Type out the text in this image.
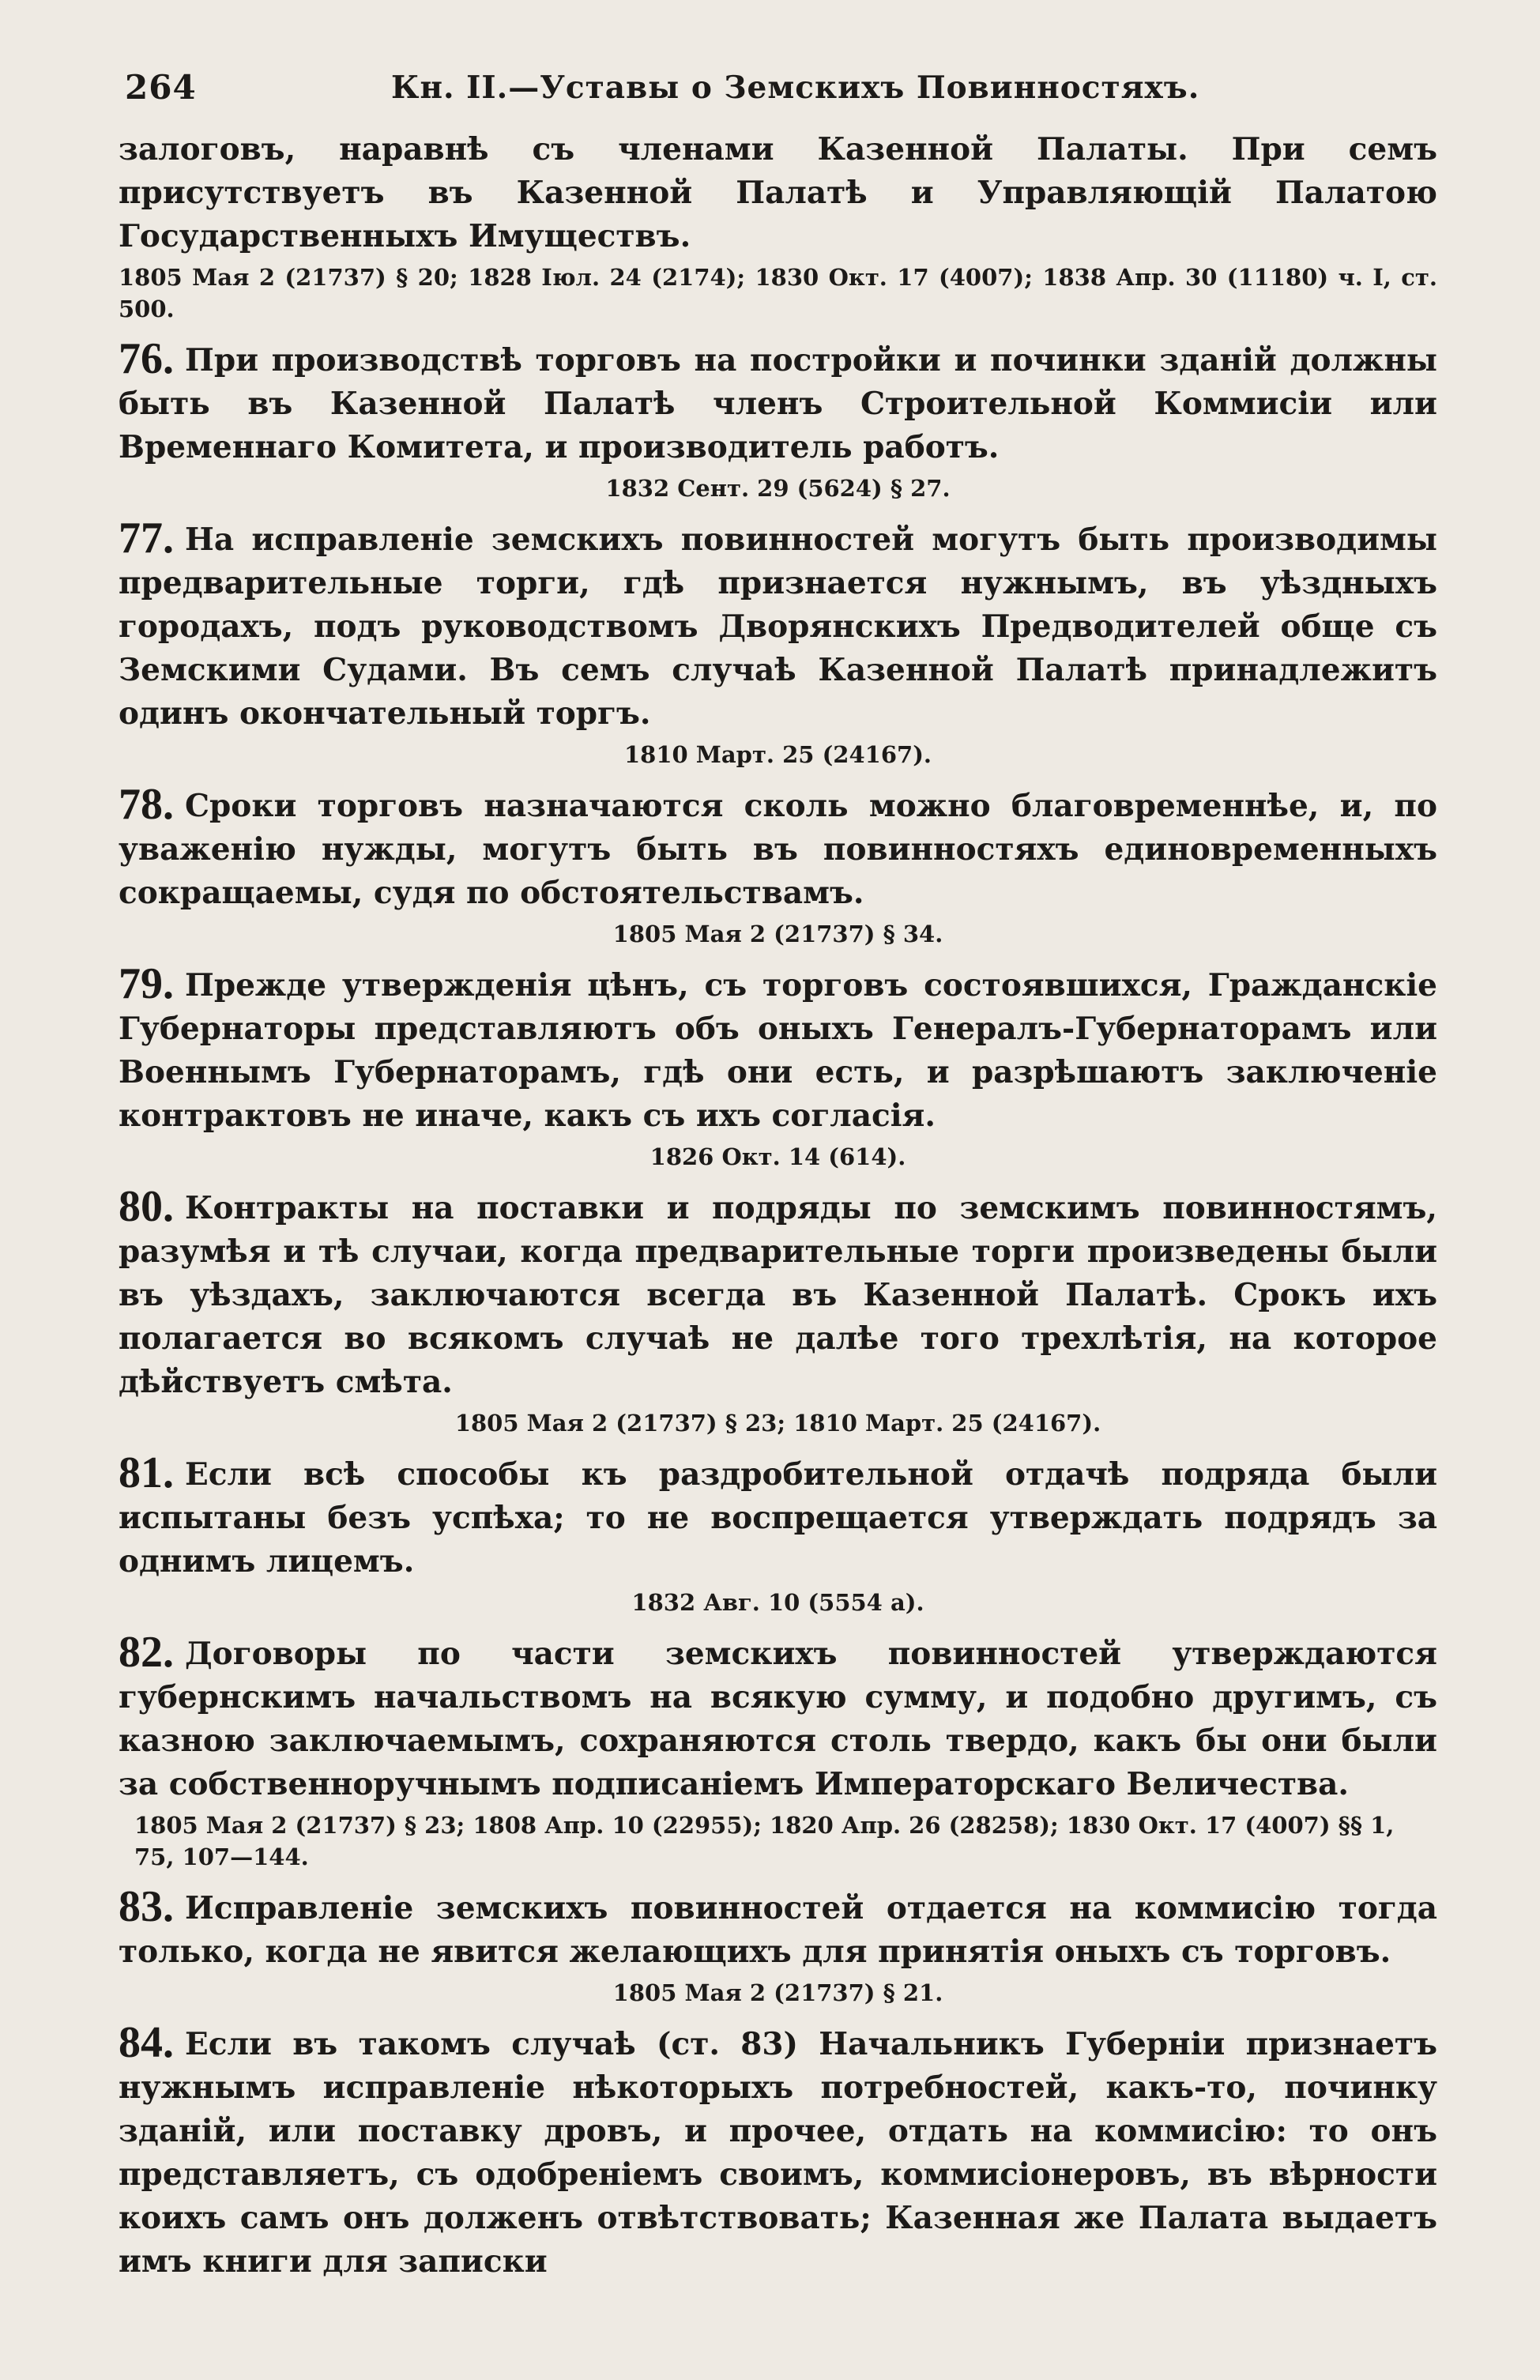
264	Кн. II.—Уставы о Земскихъ Повинностяхъ.

залоговъ, наравнѣ съ членами Казенной Палаты. При семъ присутствуетъ въ Казенной Палатѣ и Управляющій Палатою Государственныхъ Имуществъ.

1805 Мая 2 (21737) § 20; 1828 Іюл. 24 (2174); 1830 Окт. 17 (4007); 1838 Апр. 30 (11180) ч. I, ст. 500.

76. При производствѣ торговъ на постройки и починки зданій должны быть въ Казенной Палатѣ членъ Строительной Коммисіи или Временнаго Комитета, и производитель работъ.

1832 Сент. 29 (5624) § 27.

77. На исправленіе земскихъ повинностей могутъ быть производимы предварительные торги, гдѣ признается нужнымъ, въ уѣздныхъ городахъ, подъ руководствомъ Дворянскихъ Предводителей обще съ Земскими Судами. Въ семъ случаѣ Казенной Палатѣ принадлежитъ одинъ окончательный торгъ.

1810 Март. 25 (24167).

78. Сроки торговъ назначаются сколь можно благовременнѣе, и, по уваженію нужды, могутъ быть въ повинностяхъ единовременныхъ сокращаемы, судя по обстоятельствамъ.

1805 Мая 2 (21737) § 34.

79. Прежде утвержденія цѣнъ, съ торговъ состоявшихся, Гражданскіе Губернаторы представляютъ объ оныхъ Генералъ-Губернаторамъ или Военнымъ Губернаторамъ, гдѣ они есть, и разрѣшаютъ заключеніе контрактовъ не иначе, какъ съ ихъ согласія.

1826 Окт. 14 (614).

80. Контракты на поставки и подряды по земскимъ повинностямъ, разумѣя и тѣ случаи, когда предварительные торги произведены были въ уѣздахъ, заключаются всегда въ Казенной Палатѣ. Срокъ ихъ полагается во всякомъ случаѣ не далѣе того трехлѣтія, на которое дѣйствуетъ смѣта.

1805 Мая 2 (21737) § 23; 1810 Март. 25 (24167).

81. Если всѣ способы къ раздробительной отдачѣ подряда были испытаны безъ успѣха; то не воспрещается утверждать подрядъ за однимъ лицемъ.

1832 Авг. 10 (5554 а).

82. Договоры по части земскихъ повинностей утверждаются губернскимъ начальствомъ на всякую сумму, и подобно другимъ, съ казною заключаемымъ, сохраняются столь твердо, какъ бы они были за собственноручнымъ подписаніемъ Императорскаго Величества.

1805 Мая 2 (21737) § 23; 1808 Апр. 10 (22955); 1820 Апр. 26 (28258); 1830 Окт. 17 (4007) §§ 1, 75, 107—144.

83. Исправленіе земскихъ повинностей отдается на коммисію тогда только, когда не явится желающихъ для принятія оныхъ съ торговъ.

1805 Мая 2 (21737) § 21.

84. Если въ такомъ случаѣ (ст. 83) Начальникъ Губерніи признаетъ нужнымъ исправленіе нѣкоторыхъ потребностей, какъ-то, починку зданій, или поставку дровъ, и прочее, отдать на коммисію: то онъ представляетъ, съ одобреніемъ своимъ, коммисіонеровъ, въ вѣрности коихъ самъ онъ долженъ отвѣтствовать; Казенная же Палата выдаетъ имъ книги для записки
